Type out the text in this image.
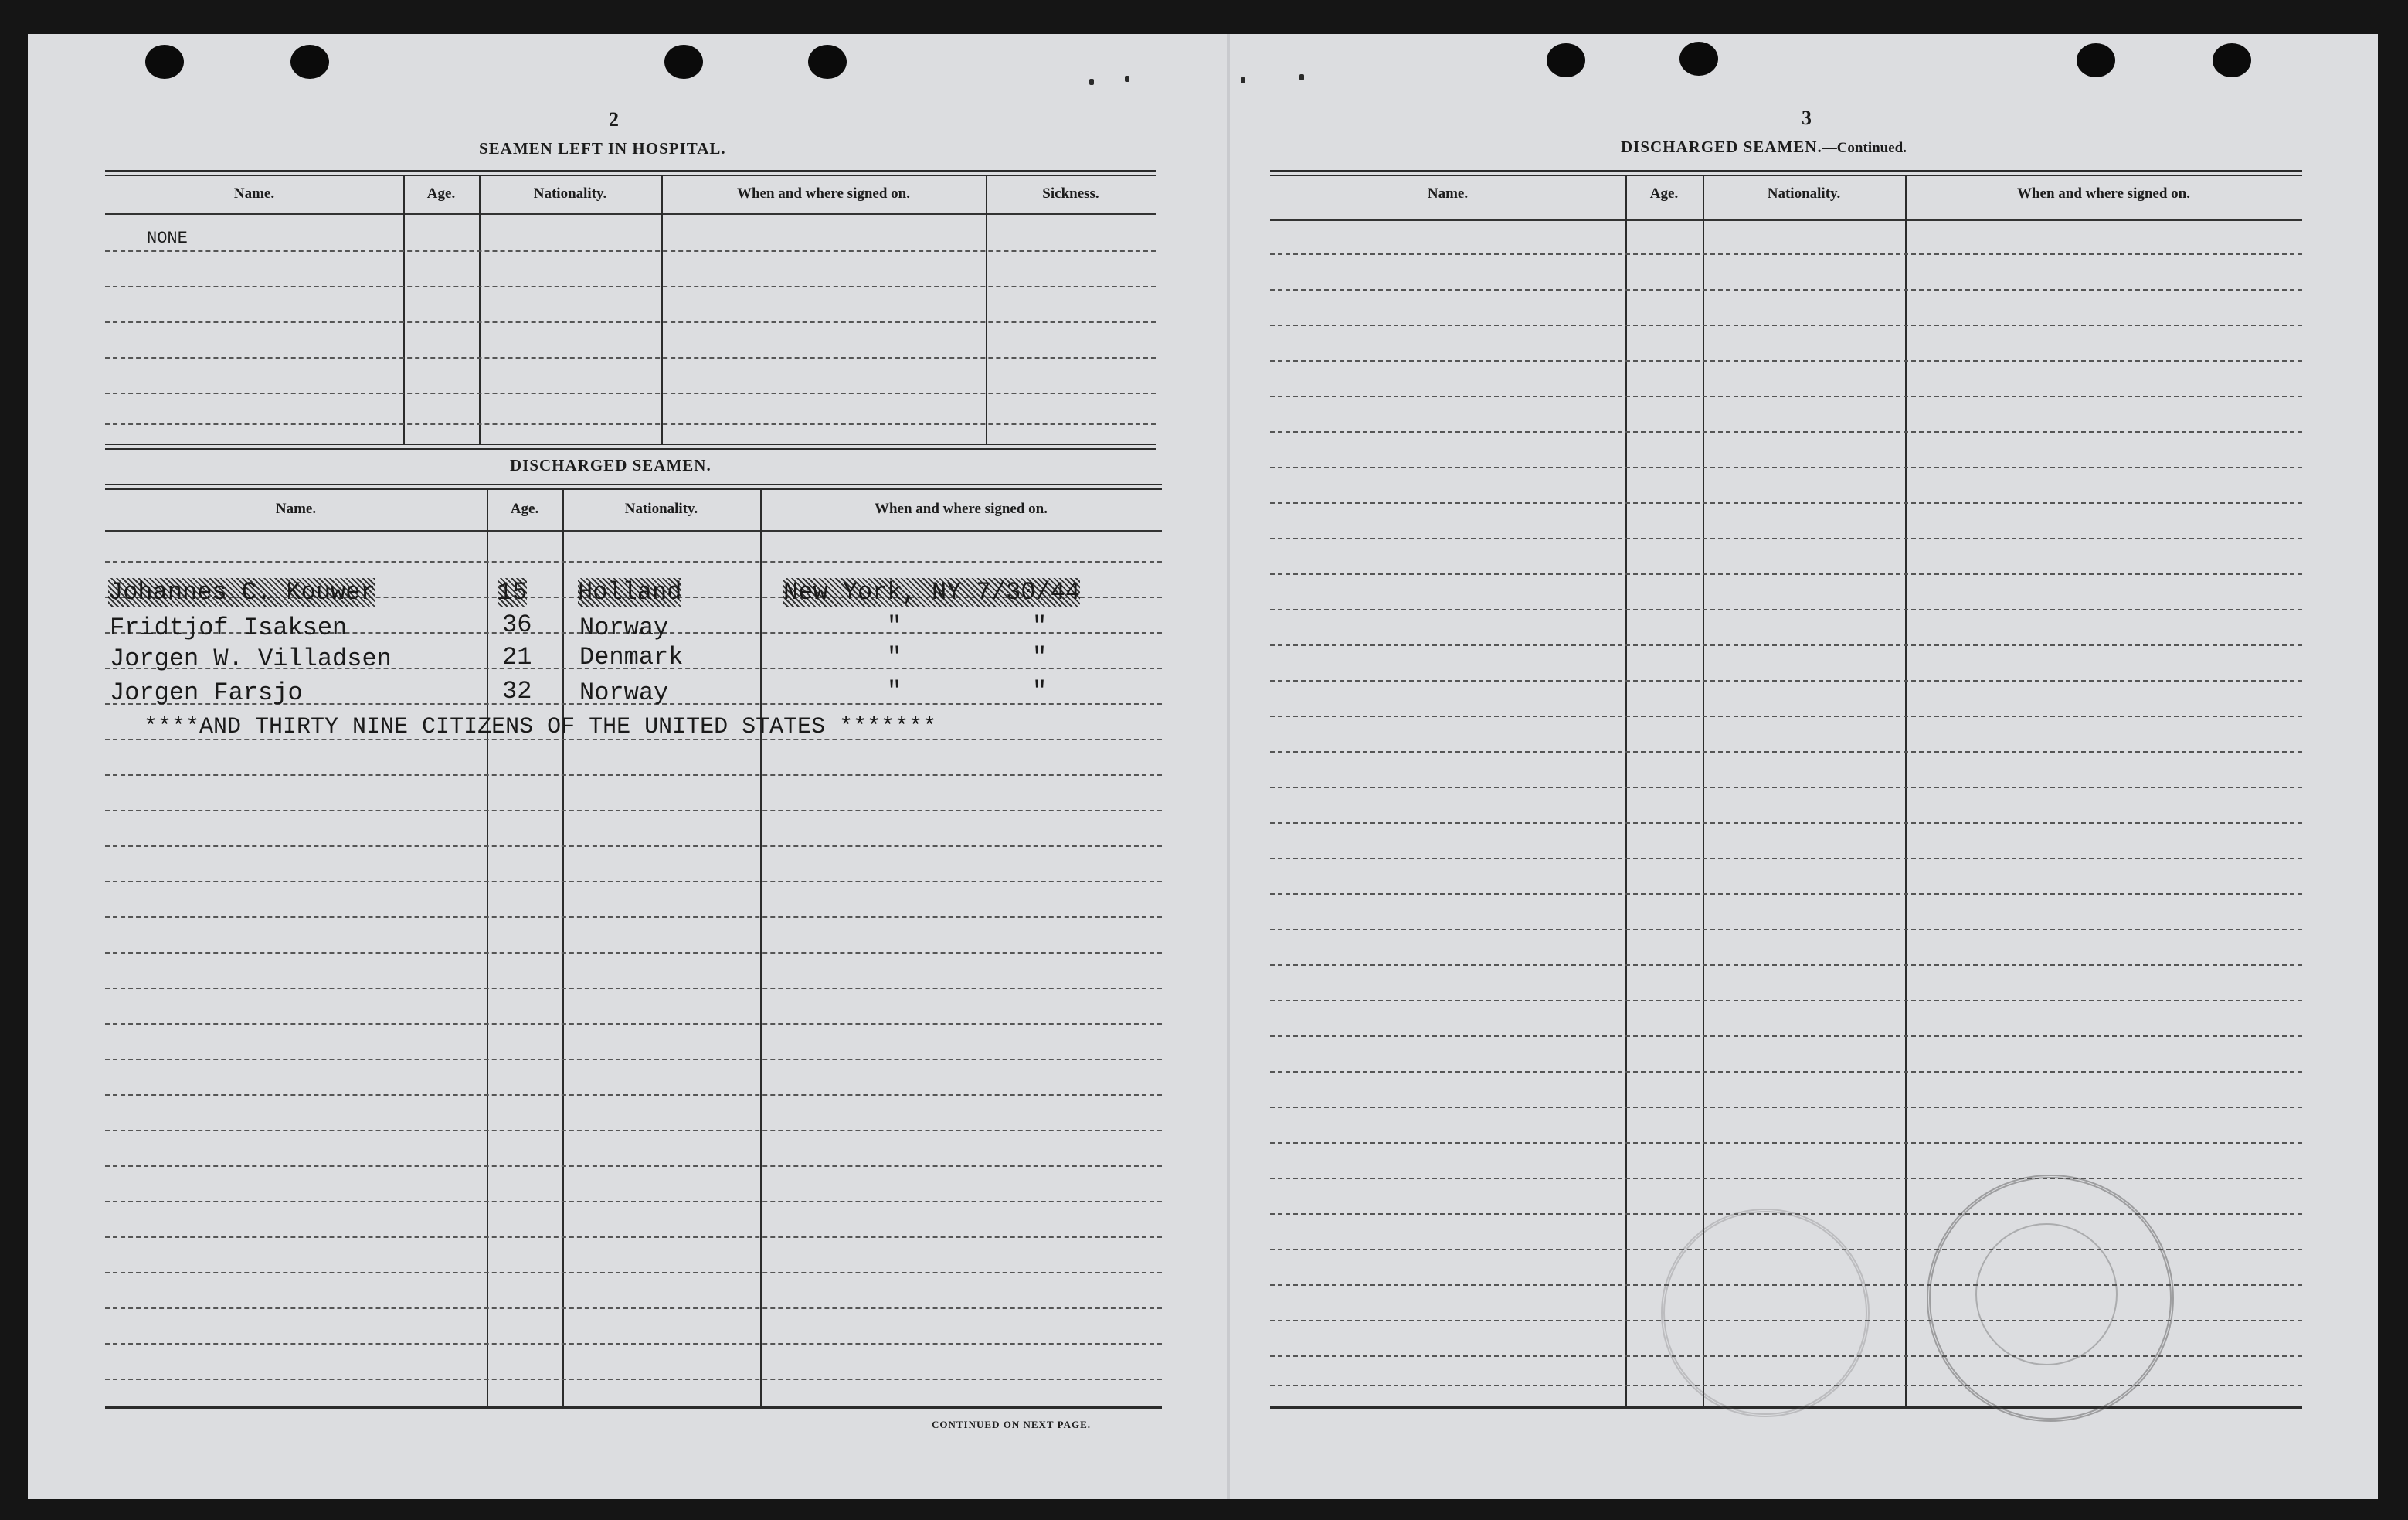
2
SEAMEN LEFT IN HOSPITAL.
Name.	Age.	Nationality.	When and where signed on.	Sickness.
NONE
DISCHARGED SEAMEN.
Name.	Age.	Nationality.	When and where signed on.
Johannes C. Kouwer	15 Holland	New York, NY 7/30/44
Fridtjof Isaksen	36 Norway	"	"
Jorgen W. Villadsen	21 Denmark	"	"
Jorgen Farsjo	32 Norway	"	"
****AND THIRTY NINE CITIZENS OF THE UNITED STATES *******
CONTINUED ON NEXT PAGE.
3
DISCHARGED SEAMEN.—Continued.
Name.	Age.	Nationality.	When and where signed on.
